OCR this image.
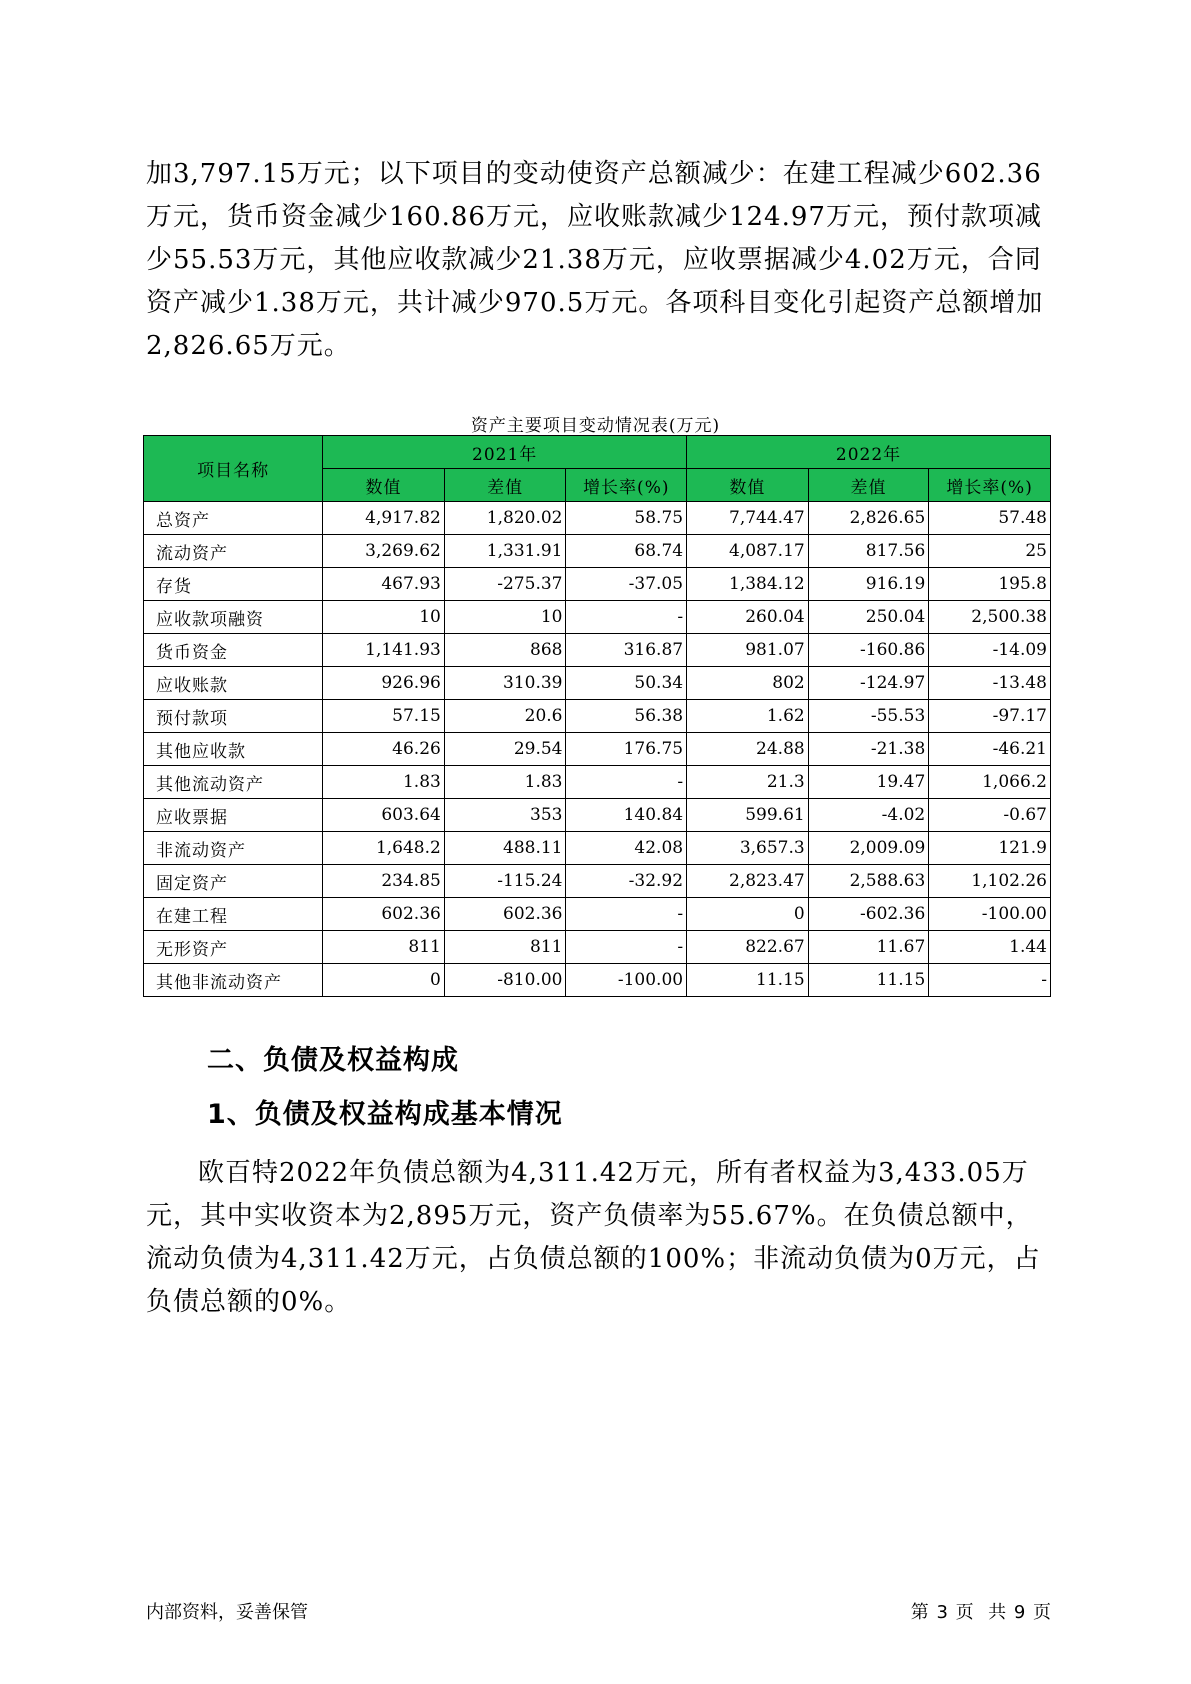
加3,797.15万元；以下项目的变动使资产总额减少：在建工程减少602.36万元，货币资金减少160.86万元，应收账款减少124.97万元，预付款项减少55.53万元，其他应收款减少21.38万元，应收票据减少4.02万元，合同资产减少1.38万元，共计减少970.5万元。各项科目变化引起资产总额增加2,826.65万元。

资产主要项目变动情况表(万元)
项目名称	2021年			2022年		
	数值	差值	增长率(%)	数值	差值	增长率(%)
总资产	4,917.82	1,820.02	58.75	7,744.47	2,826.65	57.48
流动资产	3,269.62	1,331.91	68.74	4,087.17	817.56	25
存货	467.93	-275.37	-37.05	1,384.12	916.19	195.8
应收款项融资	10	10	-	260.04	250.04	2,500.38
货币资金	1,141.93	868	316.87	981.07	-160.86	-14.09
应收账款	926.96	310.39	50.34	802	-124.97	-13.48
预付款项	57.15	20.6	56.38	1.62	-55.53	-97.17
其他应收款	46.26	29.54	176.75	24.88	-21.38	-46.21
其他流动资产	1.83	1.83	-	21.3	19.47	1,066.2
应收票据	603.64	353	140.84	599.61	-4.02	-0.67
非流动资产	1,648.2	488.11	42.08	3,657.3	2,009.09	121.9
固定资产	234.85	-115.24	-32.92	2,823.47	2,588.63	1,102.26
在建工程	602.36	602.36	-	0	-602.36	-100.00
无形资产	811	811	-	822.67	11.67	1.44
其他非流动资产	0	-810.00	-100.00	11.15	11.15	-
二、负债及权益构成
1、负债及权益构成基本情况

欧百特2022年负债总额为4,311.42万元，所有者权益为3,433.05万元，其中实收资本为2,895万元，资产负债率为55.67%。在负债总额中，流动负债为4,311.42万元，占负债总额的100%；非流动负债为0万元，占负债总额的0%。

内部资料，妥善保管	第 3 页  共 9 页
